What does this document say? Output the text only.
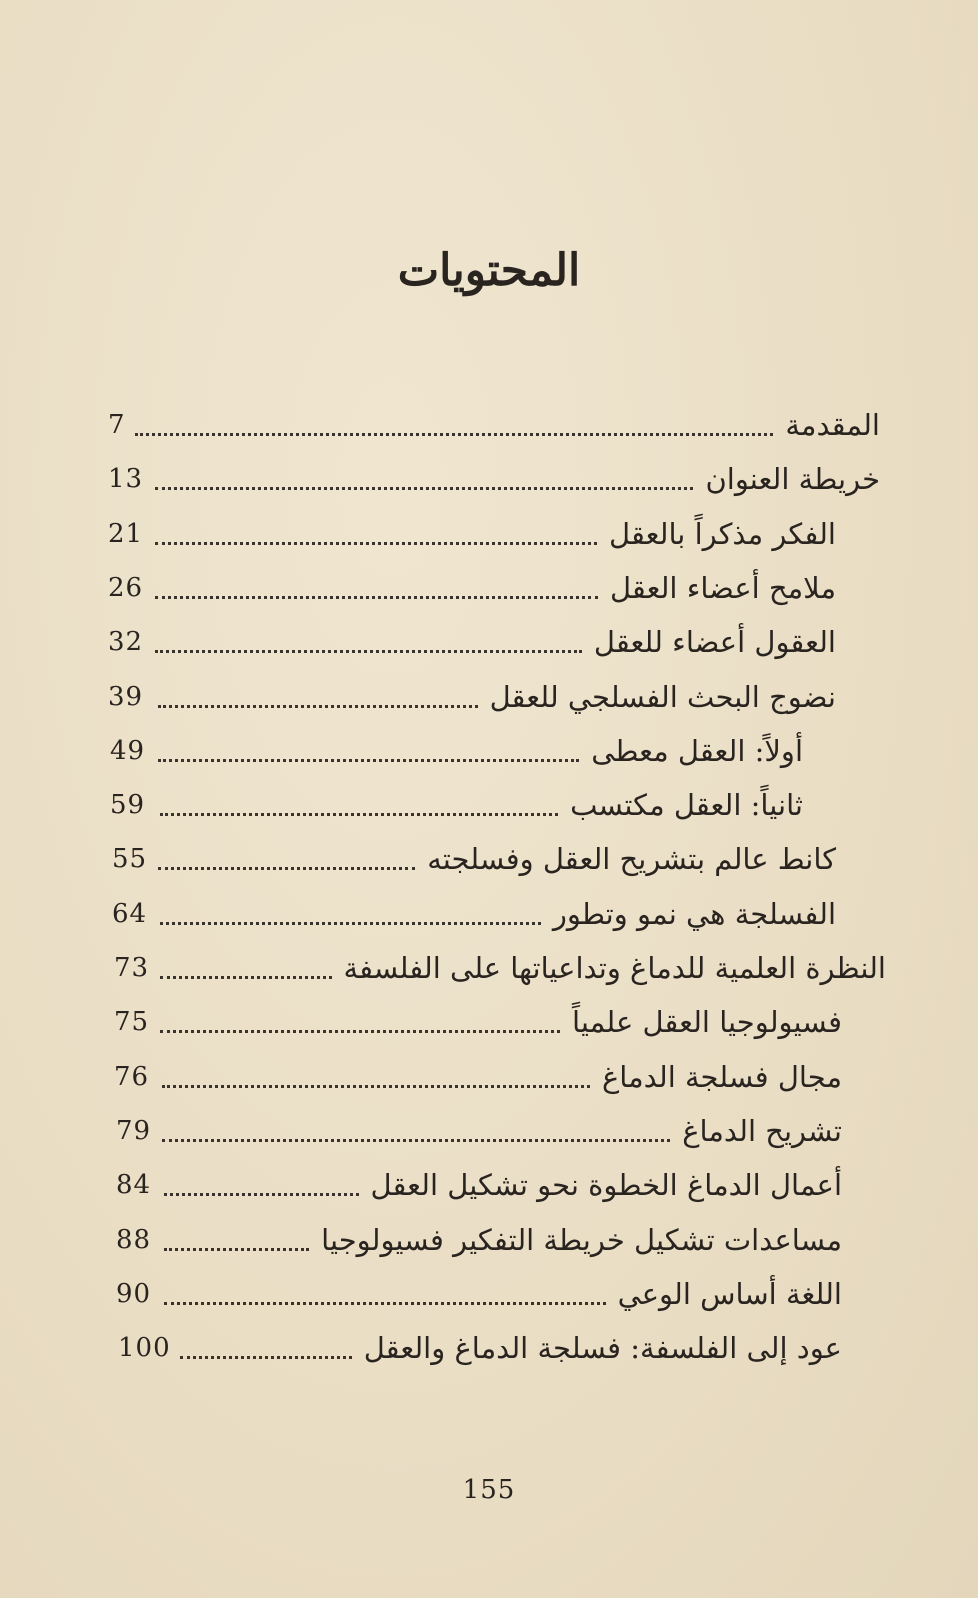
المحتويات
7	المقدمة
13	خريطة العنوان
21	الفكر مذكراً بالعقل
26	ملامح أعضاء العقل
32	العقول أعضاء للعقل
39	نضوج البحث الفسلجي للعقل
49	أولاً: العقل معطى
59	ثانياً: العقل مكتسب
55	كانط عالم بتشريح العقل وفسلجته
64	الفسلجة هي نمو وتطور
73	النظرة العلمية للدماغ وتداعياتها على الفلسفة
75	فسيولوجيا العقل علمياً
76	مجال فسلجة الدماغ
79	تشريح الدماغ
84	أعمال الدماغ الخطوة نحو تشكيل العقل
88	مساعدات تشكيل خريطة التفكير فسيولوجيا
90	اللغة أساس الوعي
100	عود إلى الفلسفة: فسلجة الدماغ والعقل
155
